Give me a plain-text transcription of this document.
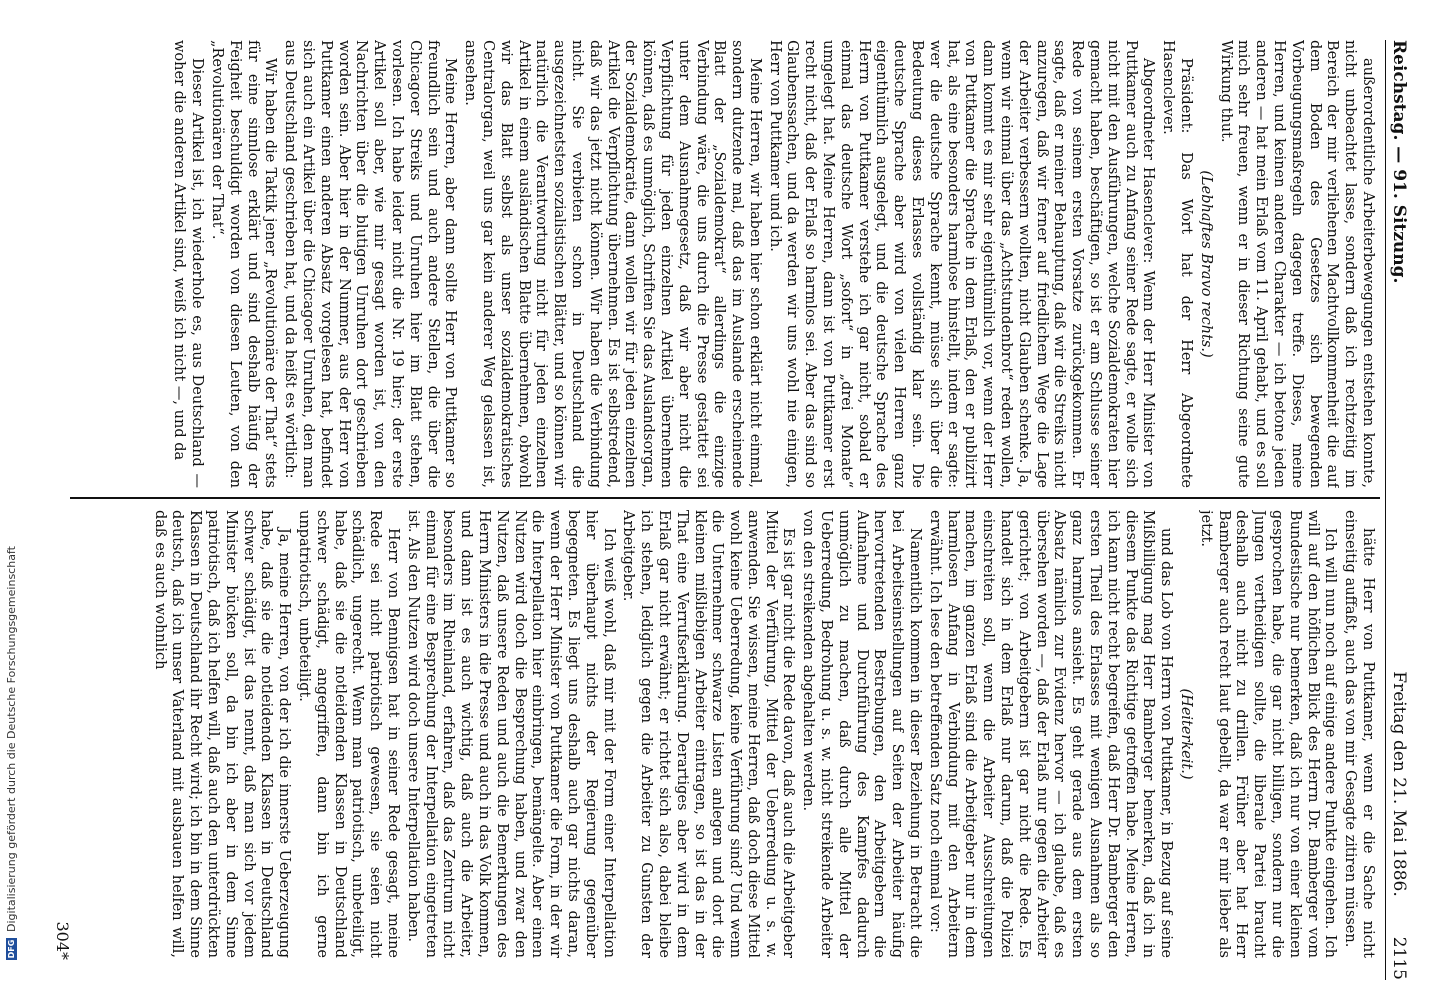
DFG
Digitalisierung gefördert durch die Deutsche Forschungsgemeinschaft
Reichstag. — 91. Sitzung.
Freitag den 21. Mai 1886.
2115

außerordentliche Arbeiterbewegungen entstehen konnte, nicht unbeachtet lasse, sondern daß ich rechtzeitig im Bereich der mir verliehenen Machtvollkommenheit die auf dem Boden des Gesetzes sich bewegenden Vorbeugungsmaßregeln dagegen treffe. Dieses, meine Herren, und keinen anderen Charakter — ich betone jeden anderen — hat mein Erlaß vom 11. April gehabt, und es soll mich sehr freuen, wenn er in dieser Richtung seine gute Wirkung thut.

(Lebhaftes Bravo rechts.)

Präsident: Das Wort hat der Herr Abgeordnete Hasenclever.

Abgeordneter Hasenclever: Wenn der Herr Minister von Puttkamer auch zu Anfang seiner Rede sagte, er wolle sich nicht mit den Ausführungen, welche Sozialdemokraten hier gemacht haben, beschäftigen, so ist er am Schlusse seiner Rede von seinem ersten Vorsatze zurückgekommen. Er sagte, daß er meiner Behauptung, daß wir die Streiks nicht anzuregen, daß wir ferner auf friedlichem Wege die Lage der Arbeiter verbessern wollten, nicht Glauben schenke. Ja, wenn wir einmal über das „Achtstundenbrot“ reden wollen, dann kommt es mir sehr eigenthümlich vor, wenn der Herr von Puttkamer die Sprache in dem Erlaß, den er publizirt hat, als eine besonders harmlose hinstellt, indem er sagte: wer die deutsche Sprache kennt, müsse sich über die Bedeutung dieses Erlasses vollständig klar sein. Die deutsche Sprache aber wird von vielen Herren ganz eigenthümlich ausgelegt, und die deutsche Sprache des Herrn von Puttkamer verstehe ich gar nicht, sobald er einmal das deutsche Wort „sofort“ in „drei Monate“ umgelegt hat. Meine Herren, dann ist von Puttkamer erst recht nicht, daß der Erlaß so harmlos sei. Aber das sind so Glaubenssachen, und da werden wir uns wohl nie einigen, Herr von Puttkamer und ich.

Meine Herren, wir haben hier schon erklärt nicht einmal, sondern dutzende mal, daß das im Auslande erscheinende Blatt der „Sozialdemokrat“ allerdings die einzige Verbindung wäre, die uns durch die Presse gestattet sei unter dem Ausnahmegesetz, daß wir aber nicht die Verpflichtung für jeden einzelnen Artikel übernehmen können, daß es unmöglich, Schriften Sie das Auslandsorgan, der Sozialdemokratie, dann wollen wir für jeden einzelnen Artikel die Verpflichtung übernehmen. Es ist selbstredend, daß wir das jetzt nicht können. Wir haben die Verbindung nicht. Sie verbieten schon in Deutschland die ausgezeichnetsten sozialistischen Blätter, und so können wir natürlich die Verantwortung nicht für jeden einzelnen Artikel in einem ausländischen Blatte übernehmen, obwohl wir das Blatt selbst als unser sozialdemokratisches Centralorgan, weil uns gar kein anderer Weg gelassen ist, ansehen.

Meine Herren, aber dann sollte Herr von Puttkamer so freundlich sein und auch andere Stellen, die über die Chicagoer Streiks und Unruhen hier im Blatt stehen, vorlesen. Ich habe leider nicht die Nr. 19 hier; der erste Artikel soll aber, wie mir gesagt worden ist, von den Nachrichten über die blutigen Unruhen dort geschrieben worden sein. Aber hier in der Nummer, aus der Herr von Puttkamer einen anderen Absatz vorgelesen hat, befindet sich auch ein Artikel über die Chicagoer Unruhen, den man aus Deutschland geschrieben hat, und da heißt es wörtlich:

Wir haben die Taktik jener „Revolutionäre der That“ stets für eine sinnlose erklärt und sind deshalb häufig der Feigheit beschuldigt worden von diesen Leuten, von den „Revolutionären der That“.

Dieser Artikel ist, ich wiederhole es, aus Deutschland — woher die anderen Artikel sind, weiß ich nicht —, und da

hätte Herr von Puttkamer, wenn er die Sache nicht einseitig auffaßt, auch das von mir Gesagte zitiren müssen.

Ich will nun noch auf einige andere Punkte eingehen. Ich will auf den höflichen Blick des Herrn Dr. Bamberger vom Bundestische nur bemerken, daß ich nur von einer kleinen gesprochen habe, die gar nicht billigen, sondern nur die Jungen vertheidigen sollte, die liberale Partei braucht deshalb auch nicht zu drillen. Früher aber hat Herr Bamberger auch recht laut gebellt, da war er mir lieber als jetzt.

(Heiterkeit.)

und das Lob von Herrn von Puttkamer, in Bezug auf seine Mißbilligung mag Herr Bamberger bemerken, daß ich in diesem Punkte das Richtige getroffen habe. Meine Herren, ich kann nicht recht begreifen, daß Herr Dr. Bamberger den ersten Theil des Erlasses mit wenigen Ausnahmen als so ganz harmlos ansieht. Es geht gerade aus dem ersten Absatz nämlich zur Evidenz hervor — ich glaube, daß es übersehen worden —, daß der Erlaß nur gegen die Arbeiter gerichtet; von Arbeitgebern ist gar nicht die Rede. Es handelt sich in dem Erlaß nur darum, daß die Polizei einschreiten soll, wenn die Arbeiter Ausschreitungen machen, im ganzen Erlaß sind die Arbeitgeber nur in dem harmlosen Anfang in Verbindung mit den Arbeitern erwähnt. Ich lese den betreffenden Satz noch einmal vor:

Namentlich kommen in dieser Beziehung in Betracht die bei Arbeitseinstellungen auf Seiten der Arbeiter häufig hervortretenden Bestrebungen, den Arbeitgebern die Aufnahme und Durchführung des Kampfes dadurch unmöglich zu machen, daß durch alle Mittel der Ueberredung, Bedrohung u. s. w. nicht streikende Arbeiter von den streikenden abgehalten werden.

Es ist gar nicht die Rede davon, daß auch die Arbeitgeber Mittel der Verführung, Mittel der Ueberredung u. s. w. anwenden. Sie wissen, meine Herren, daß doch diese Mittel wohl keine Ueberredung, keine Verführung sind? Und wenn die Unternehmer schwarze Listen anlegen und dort die kleinen mißliebigen Arbeiter eintragen, so ist das in der That eine Verrufserklärung. Derartiges aber wird in dem Erlaß gar nicht erwähnt; er richtet sich also, dabei bleibe ich stehen, lediglich gegen die Arbeiter zu Gunsten der Arbeitgeber.

Ich weiß wohl, daß mir mit der Form einer Interpellation hier überhaupt nichts der Regierung gegenüber begegneten. Es liegt uns deshalb auch gar nichts daran, wenn der Herr Minister von Puttkamer die Form, in der wir die Interpellation hier einbringen, bemängelte. Aber einen Nutzen wird doch die Besprechung haben, und zwar den Nutzen, daß unsere Reden und auch die Bemerkungen des Herrn Ministers in die Presse und auch in das Volk kommen, und dann ist es auch wichtig, daß auch die Arbeiter, besonders im Rheinland, erfahren, daß das Zentrum nicht einmal für eine Besprechung der Interpellation eingetreten ist. Als den Nutzen wird doch unsere Interpellation haben.

Herr von Bennigsen hat in seiner Rede gesagt, meine Rede sei nicht patriotisch gewesen, sie seien nicht schädlich, ungerecht. Wenn man patriotisch, unbeteiligt, habe, daß sie die notleidenden Klassen in Deutschland schwer schädigt, angegriffen, dann bin ich gerne unpatriotisch, unbeteiligt.

Ja, meine Herren, von der ich die innerste Ueberzeugung habe, daß sie die notleidenden Klassen in Deutschland schwer schädigt, ist das nennt, daß man sich vor jedem Minister bücken soll, da bin ich aber in dem Sinne patriotisch, daß ich helfen will, daß auch den unterdrückten Klassen in Deutschland ihr Recht wird; ich bin in dem Sinne deutsch, daß ich unser Vaterland mit ausbauen helfen will, daß es auch wohnlich

304*
